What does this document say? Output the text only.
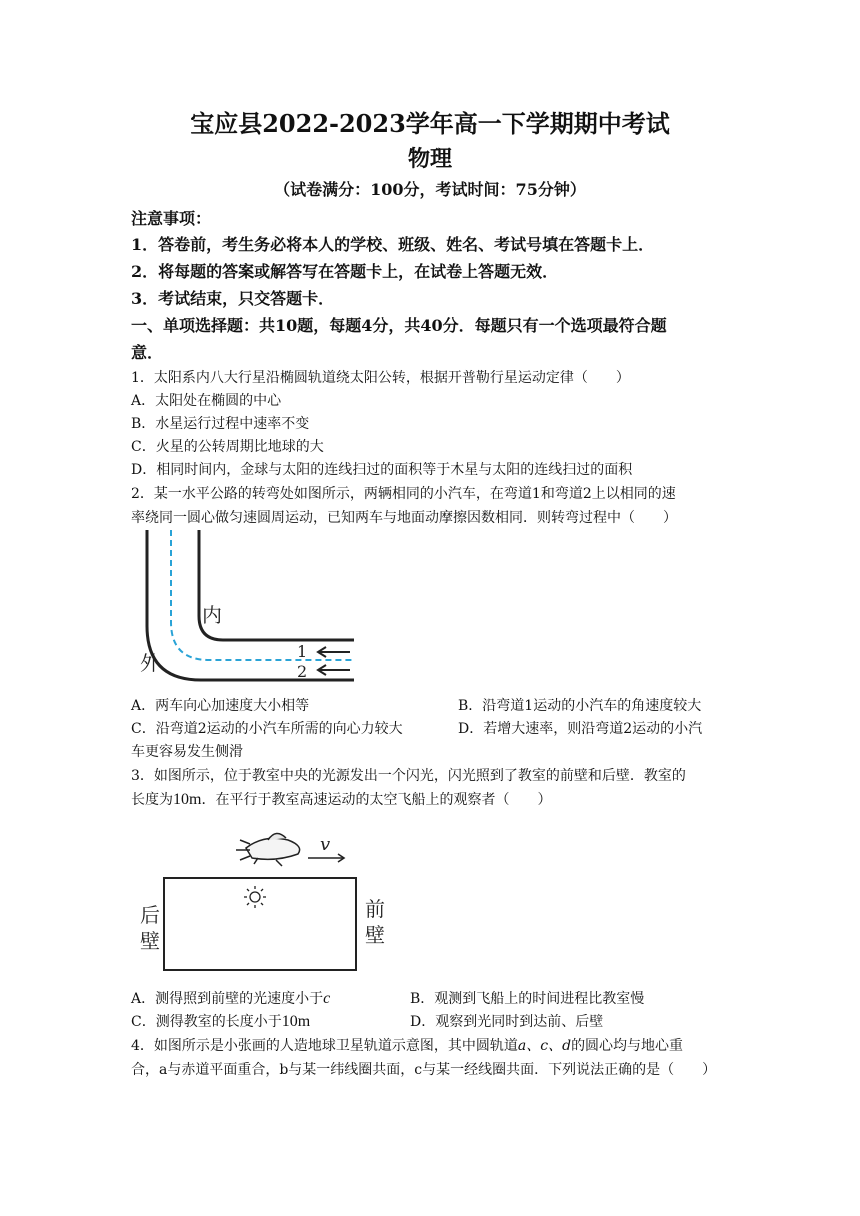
宝应县2022-2023学年高一下学期期中考试
物理
（试卷满分：100分，考试时间：75分钟）
注意事项：
1．答卷前，考生务必将本人的学校、班级、姓名、考试号填在答题卡上．
2．将每题的答案或解答写在答题卡上，在试卷上答题无效．
3．考试结束，只交答题卡．
一、单项选择题：共10题，每题4分，共40分．每题只有一个选项最符合题
意．
1．太阳系内八大行星沿椭圆轨道绕太阳公转，根据开普勒行星运动定律（　　）
A．太阳处在椭圆的中心
B．水星运行过程中速率不变
C．火星的公转周期比地球的大
D．相同时间内，金球与太阳的连线扫过的面积等于木星与太阳的连线扫过的面积
2．某一水平公路的转弯处如图所示，两辆相同的小汽车，在弯道1和弯道2上以相同的速
率绕同一圆心做匀速圆周运动，已知两车与地面动摩擦因数相同．则转弯过程中（　　）
内
外	1
2
A．两车向心加速度大小相等	B．沿弯道1运动的小汽车的角速度较大
C．沿弯道2运动的小汽车所需的向心力较大	D．若增大速率，则沿弯道2运动的小汽
车更容易发生侧滑
3．如图所示，位于教室中央的光源发出一个闪光，闪光照到了教室的前壁和后壁．教室的
长度为10m．在平行于教室高速运动的太空飞船上的观察者（　　）
v
后
壁
前
壁
A．测得照到前壁的光速度小于c	B．观测到飞船上的时间进程比教室慢
C．测得教室的长度小于10m	D．观察到光同时到达前、后壁
4．如图所示是小张画的人造地球卫星轨道示意图，其中圆轨道a、c、d的圆心均与地心重
合，a与赤道平面重合，b与某一纬线圈共面，c与某一经线圈共面．下列说法正确的是（　　）
